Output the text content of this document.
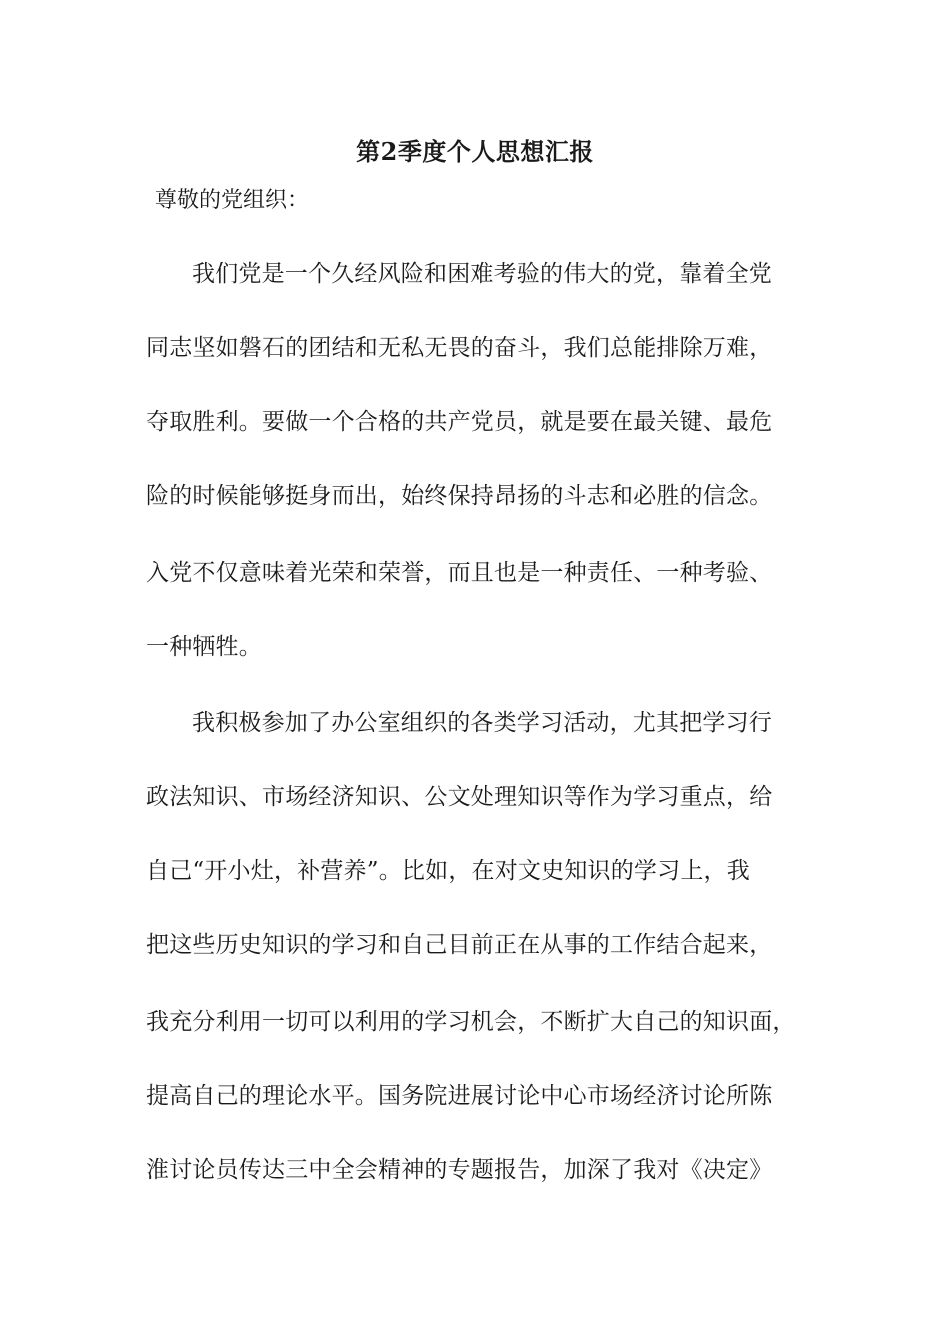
第2季度个人思想汇报
尊敬的党组织：
我们党是一个久经风险和困难考验的伟大的党，靠着全党
同志坚如磐石的团结和无私无畏的奋斗，我们总能排除万难，
夺取胜利。要做一个合格的共产党员，就是要在最关键、最危
险的时候能够挺身而出，始终保持昂扬的斗志和必胜的信念。
入党不仅意味着光荣和荣誉，而且也是一种责任、一种考验、
一种牺牲。
我积极参加了办公室组织的各类学习活动，尤其把学习行
政法知识、市场经济知识、公文处理知识等作为学习重点，给
自己“开小灶，补营养”。比如，在对文史知识的学习上，我
把这些历史知识的学习和自己目前正在从事的工作结合起来，
我充分利用一切可以利用的学习机会，不断扩大自己的知识面，
提高自己的理论水平。国务院进展讨论中心市场经济讨论所陈
淮讨论员传达三中全会精神的专题报告，加深了我对《决定》
